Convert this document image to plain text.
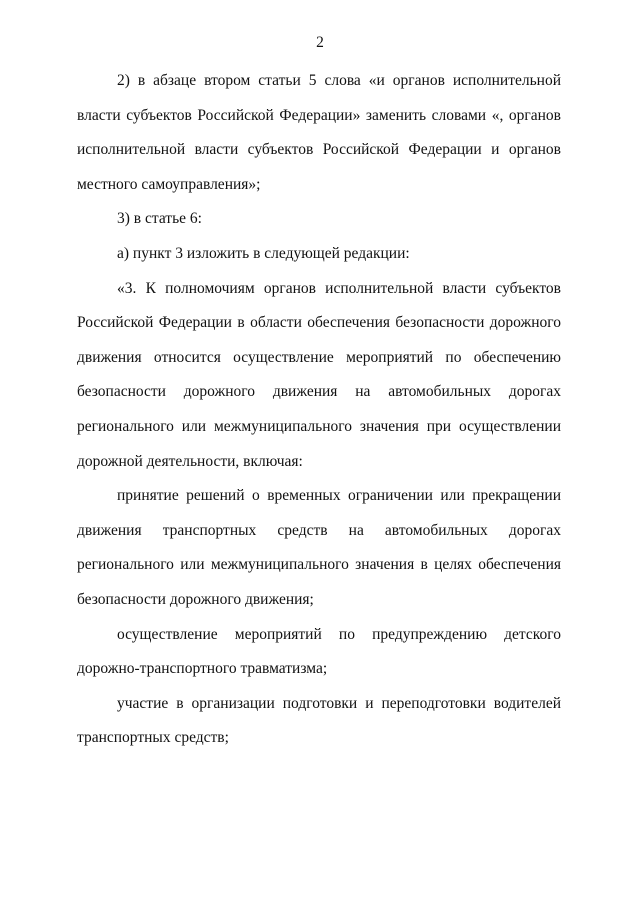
2

2) в абзаце втором статьи 5 слова «и органов исполнительной власти субъектов Российской Федерации» заменить словами «, органов исполнительной власти субъектов Российской Федерации и органов местного самоуправления»;

3) в статье 6:

а) пункт 3 изложить в следующей редакции:

«3. К полномочиям органов исполнительной власти субъектов Российской Федерации в области обеспечения безопасности дорожного движения относится осуществление мероприятий по обеспечению безопасности дорожного движения на автомобильных дорогах регионального или межмуниципального значения при осуществлении дорожной деятельности, включая:

принятие решений о временных ограничении или прекращении движения транспортных средств на автомобильных дорогах регионального или межмуниципального значения в целях обеспечения безопасности дорожного движения;

осуществление мероприятий по предупреждению детского дорожно-транспортного травматизма;

участие в организации подготовки и переподготовки водителей транспортных средств;
